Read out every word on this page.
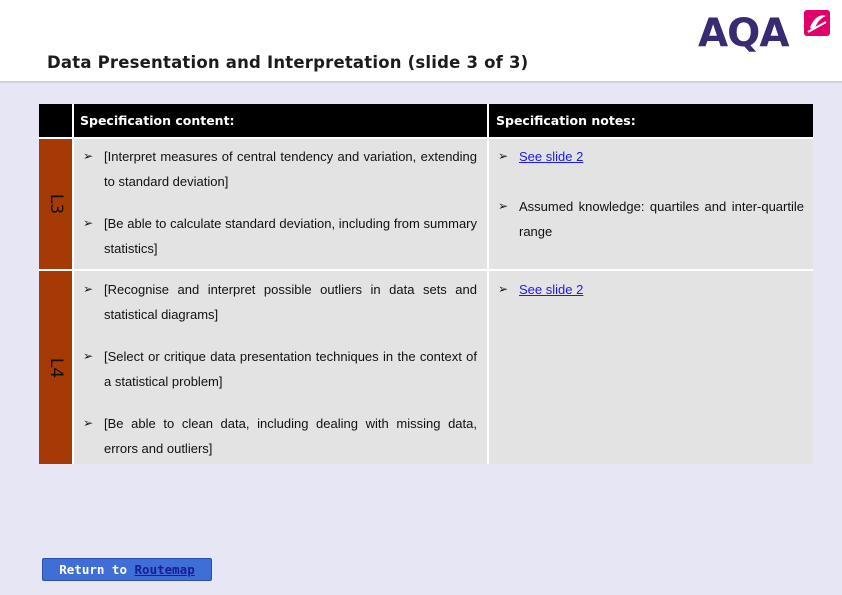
Data Presentation and Interpretation (slide 3 of 3)
AQA
Specification content:	Specification notes:
L3
➢ [Interpret measures of central tendency and variation, extending to standard deviation]
➢ [Be able to calculate standard deviation, including from summary statistics]
➢ See slide 2
➢ Assumed knowledge: quartiles and inter-quartile range
L4
➢ [Recognise and interpret possible outliers in data sets and statistical diagrams]
➢ [Select or critique data presentation techniques in the context of a statistical problem]
➢ [Be able to clean data, including dealing with missing data, errors and outliers]
➢ See slide 2
Return to Routemap
